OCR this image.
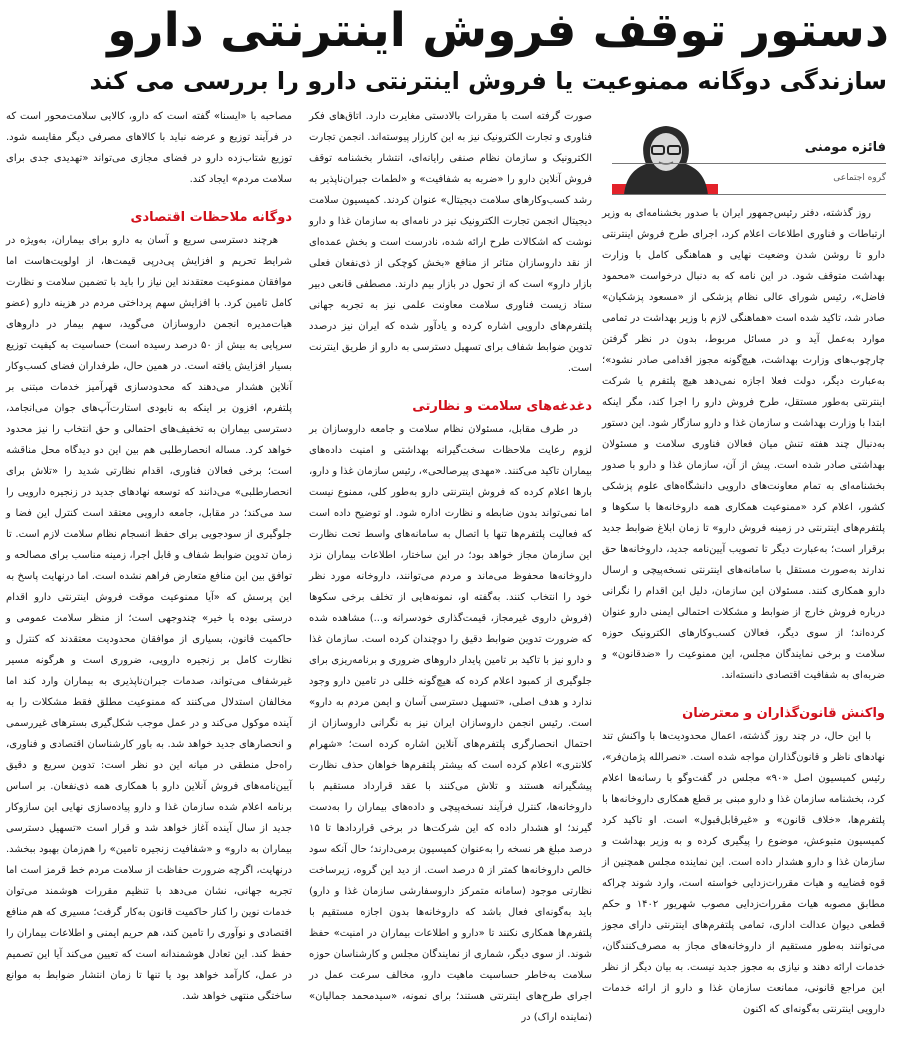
دستور توقف فروش اینترنتی دارو
سازندگی دوگانه ممنوعیت یا فروش اینترنتی دارو را بررسی می کند
فائزه مومنی
گروه اجتماعی

روز گذشته، دفتر رئیس‌جمهور ایران با صدور بخشنامه‌ای به وزیر ارتباطات و فناوری اطلاعات اعلام کرد، اجرای طرح فروش اینترنتی دارو تا روشن شدن وضعیت نهایی و هماهنگی کامل با وزارت بهداشت متوقف شود. در این نامه که به دنبال درخواست «محمود فاضل»، رئیس شورای عالی نظام پزشکی از «مسعود پزشکیان» صادر شد، تاکید شده است «هماهنگی لازم با وزیر بهداشت در تمامی موارد به‌عمل آید و در مسائل مربوط، بدون در نظر گرفتن چارچوب‌های وزارت بهداشت، هیچ‌گونه مجوز اقدامی صادر نشود»؛ به‌عبارت دیگر، دولت فعلا اجازه نمی‌دهد هیچ پلتفرم یا شرکت اینترنتی به‌طور مستقل، طرح فروش دارو را اجرا کند، مگر اینکه ابتدا با وزارت بهداشت و سازمان غذا و دارو سازگار شود. این دستور به‌دنبال چند هفته تنش میان فعالان فناوری سلامت و مسئولان بهداشتی صادر شده است. پیش از آن، سازمان غذا و دارو با صدور بخشنامه‌ای به تمام معاونت‌های دارویی دانشگاه‌های علوم پزشکی کشور، اعلام کرد «ممنوعیت همکاری همه داروخانه‌ها با سکوها و پلتفرم‌های اینترنتی در زمینه فروش دارو» تا زمان ابلاغ ضوابط جدید برقرار است؛ به‌عبارت دیگر تا تصویب آیین‌نامه جدید، داروخانه‌ها حق ندارند به‌صورت مستقل با سامانه‌های اینترنتی نسخه‌پیچی و ارسال دارو همکاری کنند. مسئولان این سازمان، دلیل این اقدام را نگرانی درباره فروش خارج از ضوابط و مشکلات احتمالی ایمنی دارو عنوان کرده‌اند؛ از سوی دیگر، فعالان کسب‌وکارهای الکترونیک حوزه سلامت و برخی نمایندگان مجلس، این ممنوعیت را «ضدقانون» و ضربه‌ای به شفافیت اقتصادی دانسته‌اند.

واکنش قانون‌گذاران و معترضان

با این حال، در چند روز گذشته، اعمال محدودیت‌ها با واکنش تند نهادهای ناظر و قانون‌گذاران مواجه شده است. «نصرالله پژمان‌فر»، رئیس کمیسیون اصل «۹۰» مجلس در گفت‌وگو با رسانه‌ها اعلام کرد، بخشنامه سازمان غذا و دارو مبنی بر قطع همکاری داروخانه‌ها با پلتفرم‌ها، «خلاف قانون» و «غیرقابل‌قبول» است. او تاکید کرد کمیسیون متبوعش، موضوع را پیگیری کرده و به وزیر بهداشت و سازمان غذا و دارو هشدار داده است. این نماینده مجلس همچنین از قوه قضاییه و هیات مقررات‌زدایی خواسته است، وارد شوند چراکه مطابق مصوبه هیات مقررات‌زدایی مصوب شهریور ۱۴۰۲ و حکم قطعی دیوان عدالت اداری، تمامی پلتفرم‌های اینترنتی دارای مجوز می‌توانند به‌طور مستقیم از داروخانه‌های مجاز به مصرف‌کنندگان، خدمات ارائه دهند و نیازی به مجوز جدید نیست. به بیان دیگر از نظر این مراجع قانونی، ممانعت سازمان غذا و دارو از ارائه خدمات دارویی اینترنتی به‌گونه‌ای که اکنون

صورت گرفته است با مقررات بالادستی مغایرت دارد. اتاق‌های فکر فناوری و تجارت الکترونیک نیز به این کارزار پیوسته‌اند. انجمن تجارت الکترونیک و سازمان نظام صنفی رایانه‌ای، انتشار بخشنامه توقف فروش آنلاین دارو را «ضربه به شفافیت» و «لطمات جبران‌ناپذیر به رشد کسب‌وکارهای سلامت دیجیتال» عنوان کردند. کمیسیون سلامت دیجیتال انجمن تجارت الکترونیک نیز در نامه‌ای به سازمان غذا و دارو نوشت که اشکالات طرح ارائه شده، نادرست است و بخش عمده‌ای از نقد داروسازان متاثر از منافع «بخش کوچکی از ذی‌نفعان فعلی بازار دارو» است که از تحول در بازار بیم دارند. مصطفی قانعی دبیر ستاد زیست فناوری سلامت معاونت علمی نیز به تجربه جهانی پلتفرم‌های دارویی اشاره کرده و یادآور شده که ایران نیز درصدد تدوین ضوابط شفاف برای تسهیل دسترسی به دارو از طریق اینترنت است.

دغدغه‌های سلامت و نظارتی

در طرف مقابل، مسئولان نظام سلامت و جامعه داروسازان بر لزوم رعایت ملاحظات سخت‌گیرانه بهداشتی و امنیت داده‌های بیماران تاکید می‌کنند. «مهدی پیرصالحی»، رئیس سازمان غذا و دارو، بارها اعلام کرده که فروش اینترنتی دارو به‌طور کلی، ممنوع نیست اما نمی‌تواند بدون ضابطه و نظارت اداره شود. او توضیح داده است که فعالیت پلتفرم‌ها تنها با اتصال به سامانه‌های واسط تحت نظارت این سازمان مجاز خواهد بود؛ در این ساختار، اطلاعات بیماران نزد داروخانه‌ها محفوظ می‌ماند و مردم می‌توانند، داروخانه مورد نظر خود را انتخاب کنند. به‌گفته او، نمونه‌هایی از تخلف برخی سکوها (فروش داروی غیرمجاز، قیمت‌گذاری خودسرانه و...) مشاهده شده که ضرورت تدوین ضوابط دقیق را دوچندان کرده است. سازمان غذا و دارو نیز با تاکید بر تامین پایدار داروهای ضروری و برنامه‌ریزی برای جلوگیری از کمبود اعلام کرده که هیچ‌گونه خللی در تامین دارو وجود ندارد و هدف اصلی، «تسهیل دسترسی آسان و ایمن مردم به دارو» است. رئیس انجمن داروسازان ایران نیز به نگرانی داروسازان از احتمال انحصارگری پلتفرم‌های آنلاین اشاره کرده است؛ «شهرام کلانتری» اعلام کرده است که بیشتر پلتفرم‌ها خواهان حذف نظارت پیشگیرانه هستند و تلاش می‌کنند با عقد قرارداد مستقیم با داروخانه‌ها، کنترل فرآیند نسخه‌پیچی و داده‌های بیماران را به‌دست گیرند؛ او هشدار داده که این شرکت‌ها در برخی قراردادها تا ۱۵ درصد مبلغ هر نسخه را به‌عنوان کمیسیون برمی‌دارند؛ حال آنکه سود خالص داروخانه‌ها کمتر از ۵ درصد است. از دید این گروه، زیرساخت نظارتی موجود (سامانه متمرکز داروسفارشی سازمان غذا و دارو) باید به‌گونه‌ای فعال باشد که داروخانه‌ها بدون اجازه مستقیم با پلتفرم‌ها همکاری نکنند تا «دارو و اطلاعات بیماران در امنیت» حفظ شوند. از سوی دیگر، شماری از نمایندگان مجلس و کارشناسان حوزه سلامت به‌خاطر حساسیت ماهیت دارو، مخالف سرعت عمل در اجرای طرح‌های اینترنتی هستند؛ برای نمونه، «سیدمحمد جمالیان» (نماینده اراک) در

مصاحبه با «ایسنا» گفته است که دارو، کالایی سلامت‌محور است که در فرآیند توزیع و عرضه نباید با کالاهای مصرفی دیگر مقایسه شود. توزیع شتاب‌زده دارو در فضای مجازی می‌تواند «تهدیدی جدی برای سلامت مردم» ایجاد کند.

دوگانه ملاحظات اقتصادی

هرچند دسترسی سریع و آسان به دارو برای بیماران، به‌ویژه در شرایط تحریم و افزایش پی‌درپی قیمت‌ها، از اولویت‌هاست اما موافقان ممنوعیت معتقدند این نیاز را باید با تضمین سلامت و نظارت کامل تامین کرد. با افزایش سهم پرداختی مردم در هزینه دارو (عضو هیات‌مدیره انجمن داروسازان می‌گوید، سهم بیمار در داروهای سرپایی به بیش از ۵۰ درصد رسیده است) حساسیت به کیفیت توزیع بسیار افزایش یافته است. در همین حال، طرفداران فضای کسب‌وکار آنلاین هشدار می‌دهند که محدودسازی قهرآمیز خدمات مبتنی بر پلتفرم، افزون بر اینکه به نابودی استارت‌آپ‌های جوان می‌انجامد، دسترسی بیماران به تخفیف‌های احتمالی و حق انتخاب را نیز محدود خواهد کرد. مساله انحصارطلبی هم بین این دو دیدگاه محل مناقشه است؛ برخی فعالان فناوری، اقدام نظارتی شدید را «تلاش برای انحصارطلبی» می‌دانند که توسعه نهادهای جدید در زنجیره دارویی را سد می‌کند؛ در مقابل، جامعه دارویی معتقد است کنترل این فضا و جلوگیری از سودجویی برای حفظ انسجام نظام سلامت لازم است. تا زمان تدوین ضوابط شفاف و قابل اجرا، زمینه مناسب برای مصالحه و توافق بین این منافع متعارض فراهم نشده است. اما درنهایت پاسخ به این پرسش که «آیا ممنوعیت موقت فروش اینترنتی دارو اقدام درستی بوده یا خیر» چندوجهی است؛ از منظر سلامت عمومی و حاکمیت قانون، بسیاری از موافقان محدودیت معتقدند که کنترل و نظارت کامل بر زنجیره دارویی، ضروری است و هرگونه مسیر غیرشفاف می‌تواند، صدمات جبران‌ناپذیری به بیماران وارد کند اما مخالفان استدلال می‌کنند که ممنوعیت مطلق فقط مشکلات را به آینده موکول می‌کند و در عمل موجب شکل‌گیری بسترهای غیررسمی و انحصارهای جدید خواهد شد. به باور کارشناسان اقتصادی و فناوری، راه‌حل منطقی در میانه این دو نظر است: تدوین سریع و دقیق آیین‌نامه‌های فروش آنلاین دارو با همکاری همه ذی‌نفعان. بر اساس برنامه اعلام شده سازمان غذا و دارو پیاده‌سازی نهایی این سازوکار جدید از سال آینده آغاز خواهد شد و قرار است «تسهیل دسترسی بیماران به دارو» و «شفافیت زنجیره تامین» را هم‌زمان بهبود ببخشد. درنهایت، اگرچه ضرورت حفاظت از سلامت مردم خط قرمز است اما تجربه جهانی، نشان می‌دهد با تنظیم مقررات هوشمند می‌توان خدمات نوین را کنار حاکمیت قانون به‌کار گرفت؛ مسیری که هم منافع اقتصادی و نوآوری را تامین کند، هم حریم ایمنی و اطلاعات بیماران را حفظ کند. این تعادل هوشمندانه است که تعیین می‌کند آیا این تصمیم در عمل، کارآمد خواهد بود یا تنها تا زمان انتشار ضوابط به موانع ساختگی منتهی خواهد شد.
